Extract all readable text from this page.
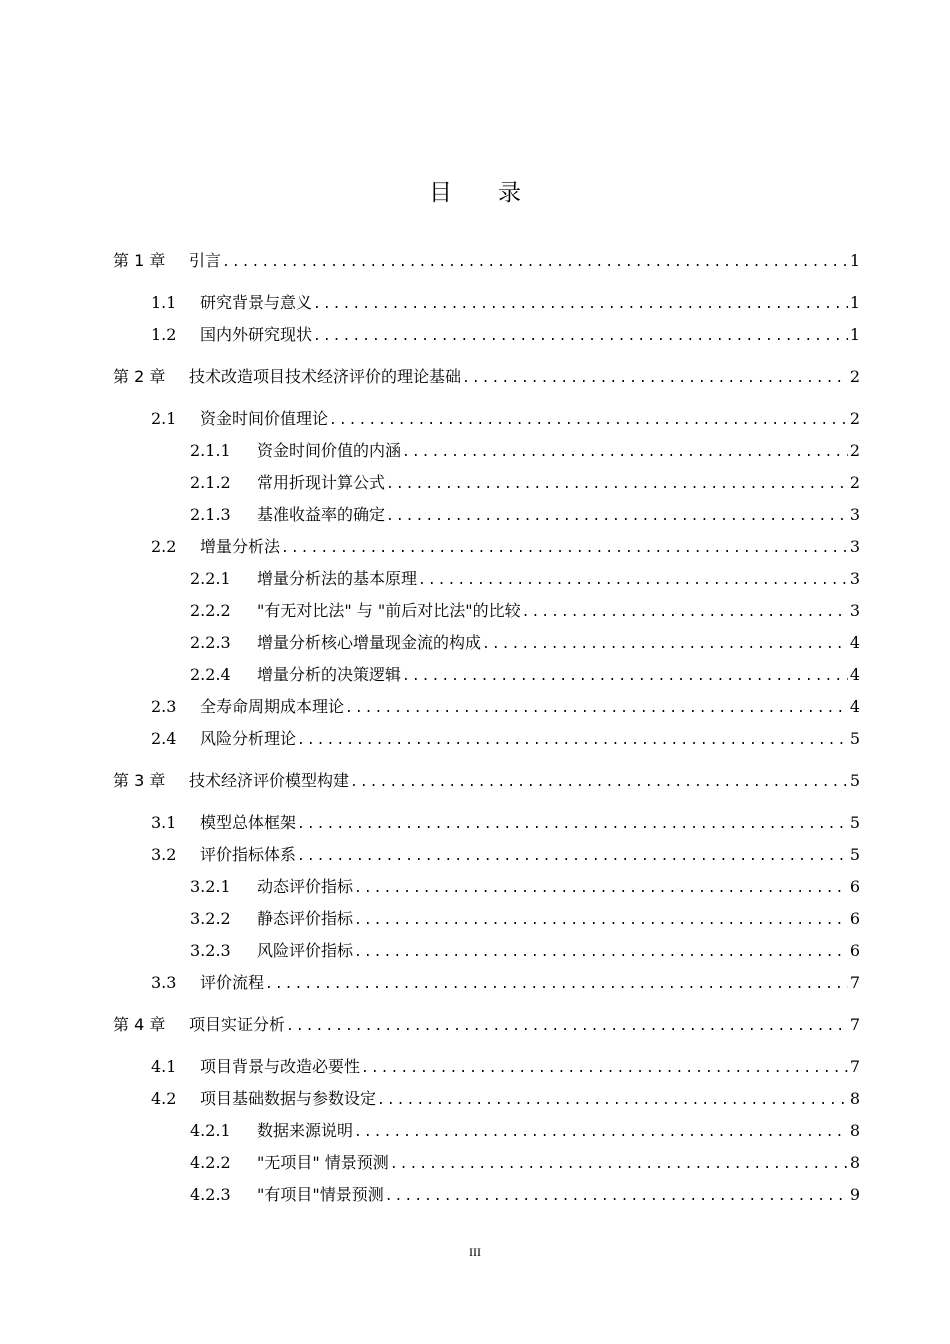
目录
第 1 章	引言 .....	1
1.1	研究背景与意义 .....	1
1.2	国内外研究现状 .....	1
第 2 章	技术改造项目技术经济评价的理论基础 .....	2
2.1	资金时间价值理论 .....	2
2.1.1	资金时间价值的内涵 .....	2
2.1.2	常用折现计算公式 .....	2
2.1.3	基准收益率的确定 .....	3
2.2	增量分析法 .....	3
2.2.1	增量分析法的基本原理 .....	3
2.2.2	"有无对比法" 与 "前后对比法"的比较 .....	3
2.2.3	增量分析核心增量现金流的构成 .....	4
2.2.4	增量分析的决策逻辑 .....	4
2.3	全寿命周期成本理论 .....	4
2.4	风险分析理论 .....	5
第 3 章	技术经济评价模型构建 .....	5
3.1	模型总体框架 .....	5
3.2	评价指标体系 .....	5
3.2.1	动态评价指标 .....	6
3.2.2	静态评价指标 .....	6
3.2.3	风险评价指标 .....	6
3.3	评价流程 .....	7
第 4 章	项目实证分析 .....	7
4.1	项目背景与改造必要性 .....	7
4.2	项目基础数据与参数设定 .....	8
4.2.1	数据来源说明 .....	8
4.2.2	"无项目" 情景预测 .....	8
4.2.3	"有项目"情景预测 .....	9
III
